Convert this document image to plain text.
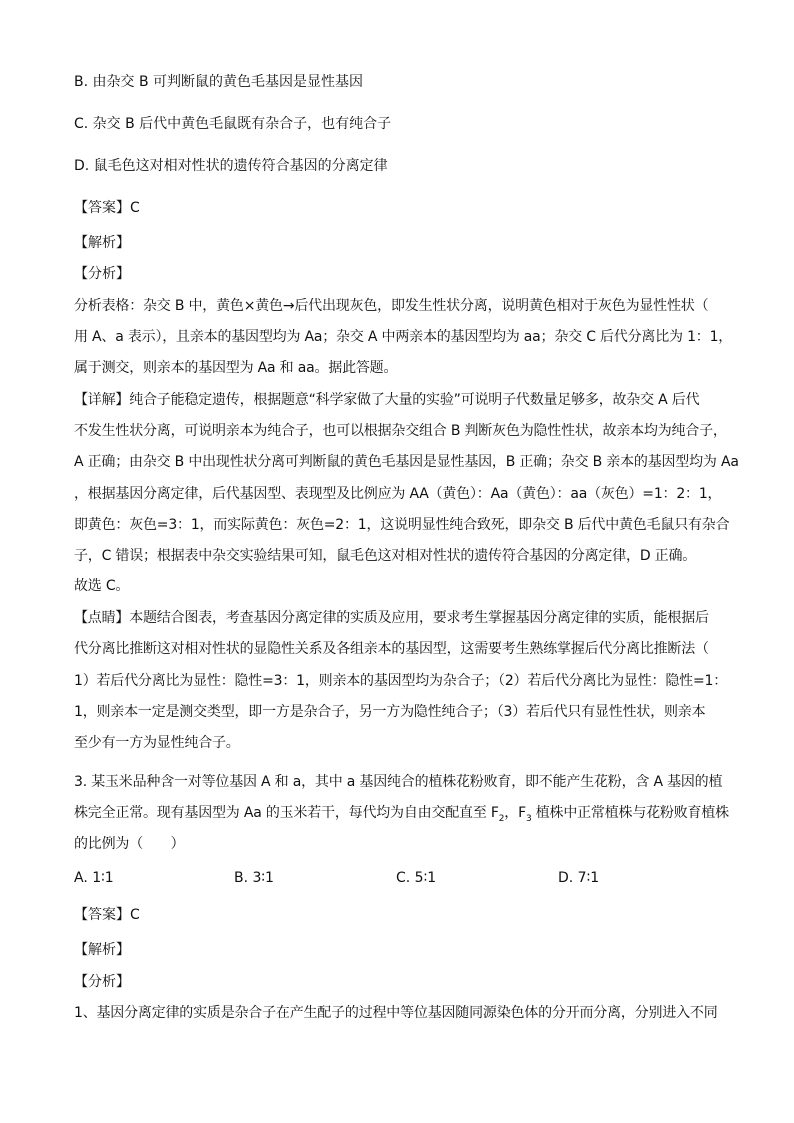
B. 由杂交 B 可判断鼠的黄色毛基因是显性基因
C. 杂交 B 后代中黄色毛鼠既有杂合子，也有纯合子
D. 鼠毛色这对相对性状的遗传符合基因的分离定律
【答案】C
【解析】
【分析】
分析表格：杂交 B 中，黄色×黄色→后代出现灰色，即发生性状分离，说明黄色相对于灰色为显性性状（
用 A、a 表示），且亲本的基因型均为 Aa；杂交 A 中两亲本的基因型均为 aa；杂交 C 后代分离比为 1：1，
属于测交，则亲本的基因型为 Aa 和 aa。据此答题。
【详解】纯合子能稳定遗传，根据题意“科学家做了大量的实验”可说明子代数量足够多，故杂交 A 后代
不发生性状分离，可说明亲本为纯合子，也可以根据杂交组合 B 判断灰色为隐性性状，故亲本均为纯合子，
A 正确；由杂交 B 中出现性状分离可判断鼠的黄色毛基因是显性基因，B 正确；杂交 B 亲本的基因型均为 Aa
，根据基因分离定律，后代基因型、表现型及比例应为 AA（黄色）：Aa（黄色）：aa（灰色）=1：2：1，
即黄色：灰色=3：1，而实际黄色：灰色=2：1，这说明显性纯合致死，即杂交 B 后代中黄色毛鼠只有杂合
子，C 错误；根据表中杂交实验结果可知，鼠毛色这对相对性状的遗传符合基因的分离定律，D 正确。
故选 C。
【点睛】本题结合图表，考查基因分离定律的实质及应用，要求考生掌握基因分离定律的实质，能根据后
代分离比推断这对相对性状的显隐性关系及各组亲本的基因型，这需要考生熟练掌握后代分离比推断法（
1）若后代分离比为显性：隐性=3：1，则亲本的基因型均为杂合子；（2）若后代分离比为显性：隐性=1：
1，则亲本一定是测交类型，即一方是杂合子，另一方为隐性纯合子；（3）若后代只有显性性状，则亲本
至少有一方为显性纯合子。
3. 某玉米品种含一对等位基因 A 和 a，其中 a 基因纯合的植株花粉败育，即不能产生花粉，含 A 基因的植
株完全正常。现有基因型为 Aa 的玉米若干，每代均为自由交配直至 $F_2$，$F_3$ 植株中正常植株与花粉败育植株
的比例为（　　）
A. 1∶1	B. 3∶1	C. 5∶1	D. 7∶1
【答案】C
【解析】
【分析】
1、基因分离定律的实质是杂合子在产生配子的过程中等位基因随同源染色体的分开而分离，分别进入不同
